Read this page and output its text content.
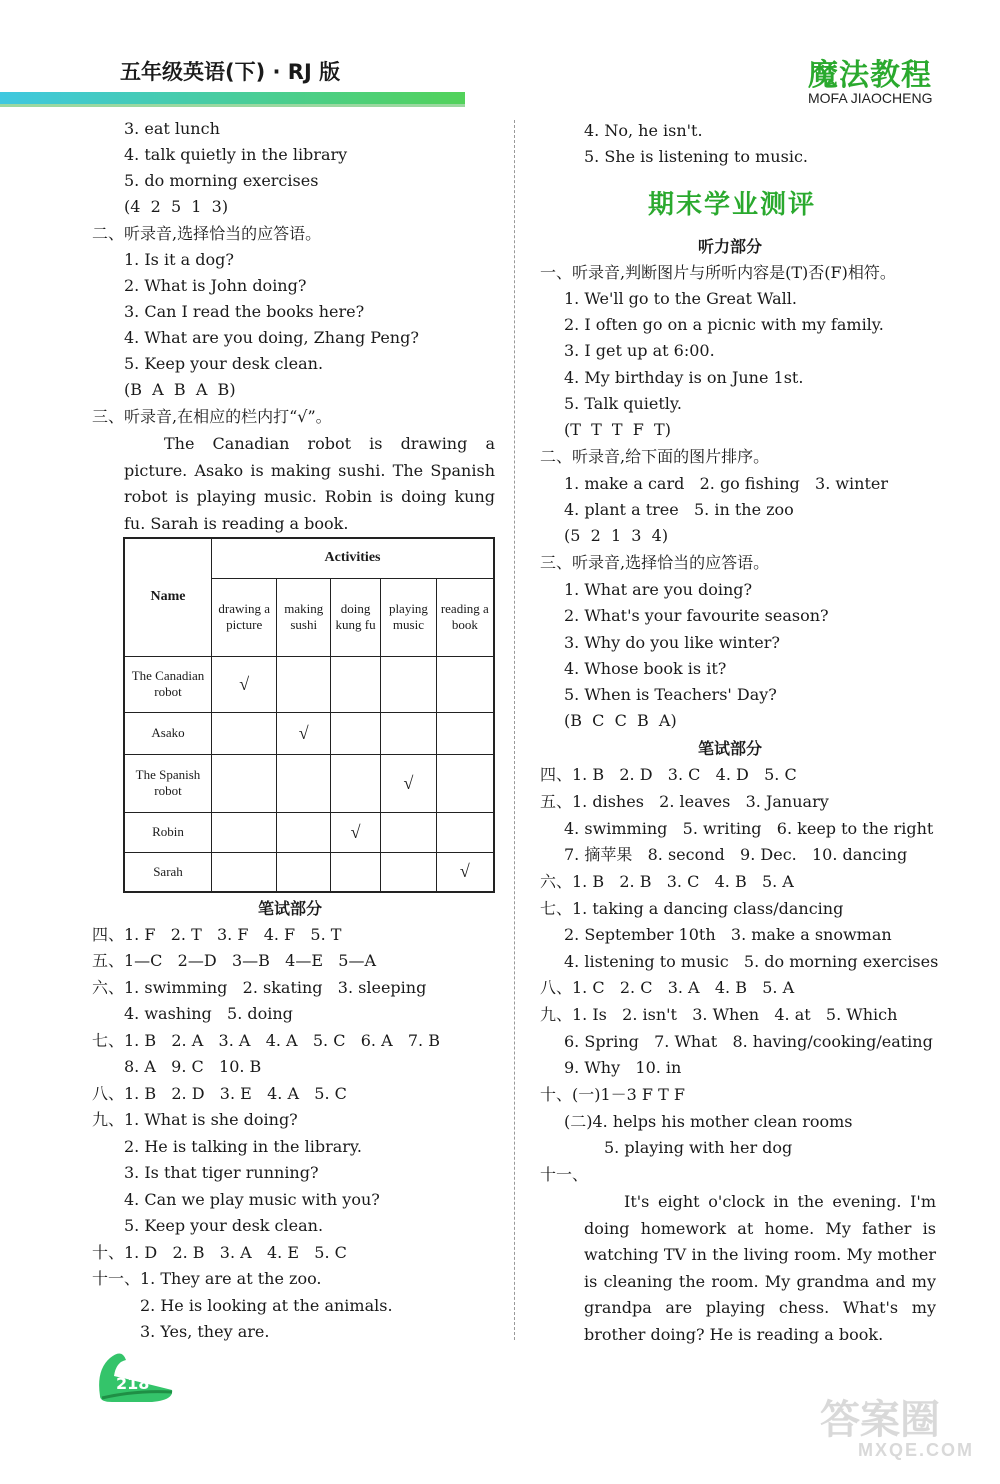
五年级英语(下) · RJ 版	魔法教程
MOFA JIAOCHENG
3. eat lunch
4. talk quietly in the library
5. do morning exercises
(4  2  5  1  3)
二、听录音,选择恰当的应答语。
1. Is it a dog?
2. What is John doing?
3. Can I read the books here?
4. What are you doing, Zhang Peng?
5. Keep your desk clean.
(B  A  B  A  B)
三、听录音,在相应的栏内打“√”。
The Canadian robot is drawing a picture. Asako is making sushi. The Spanish robot is playing music. Robin is doing kung fu. Sarah is reading a book.
Name	Activities				
	drawing a picture	making sushi	doing kung fu	playing music	reading a book
The Canadian robot	√				
Asako		√			
The Spanish robot				√	
Robin			√		
Sarah					√
笔试部分
四、1. F   2. T   3. F   4. F   5. T
五、1—C   2—D   3—B   4—E   5—A
六、1. swimming   2. skating   3. sleeping
4. washing   5. doing
七、1. B   2. A   3. A   4. A   5. C   6. A   7. B
8. A   9. C   10. B
八、1. B   2. D   3. E   4. A   5. C
九、1. What is she doing?
2. He is talking in the library.
3. Is that tiger running?
4. Can we play music with you?
5. Keep your desk clean.
十、1. D   2. B   3. A   4. E   5. C
十一、1. They are at the zoo.
2. He is looking at the animals.
3. Yes, they are.
218
4. No, he isn't.
5. She is listening to music.
期末学业测评
听力部分
一、听录音,判断图片与所听内容是(T)否(F)相符。
1. We'll go to the Great Wall.
2. I often go on a picnic with my family.
3. I get up at 6:00.
4. My birthday is on June 1st.
5. Talk quietly.
(T  T  T  F  T)
二、听录音,给下面的图片排序。
1. make a card   2. go fishing   3. winter
4. plant a tree   5. in the zoo
(5  2  1  3  4)
三、听录音,选择恰当的应答语。
1. What are you doing?
2. What's your favourite season?
3. Why do you like winter?
4. Whose book is it?
5. When is Teachers' Day?
(B  C  C  B  A)
笔试部分
四、1. B   2. D   3. C   4. D   5. C
五、1. dishes   2. leaves   3. January
4. swimming   5. writing   6. keep to the right
7. 摘苹果   8. second   9. Dec.   10. dancing
六、1. B   2. B   3. C   4. B   5. A
七、1. taking a dancing class/dancing
2. September 10th   3. make a snowman
4. listening to music   5. do morning exercises
八、1. C   2. C   3. A   4. B   5. A
九、1. Is   2. isn't   3. When   4. at   5. Which
6. Spring   7. What   8. having/cooking/eating
9. Why   10. in
十、(一)1－3 F T F
(二)4. helps his mother clean rooms
5. playing with her dog
十一、
It's eight o'clock in the evening. I'm doing homework at home. My father is watching TV in the living room. My mother is cleaning the room. My grandma and my grandpa are playing chess. What's my brother doing? He is reading a book.
答案圈
MXQE.COM
